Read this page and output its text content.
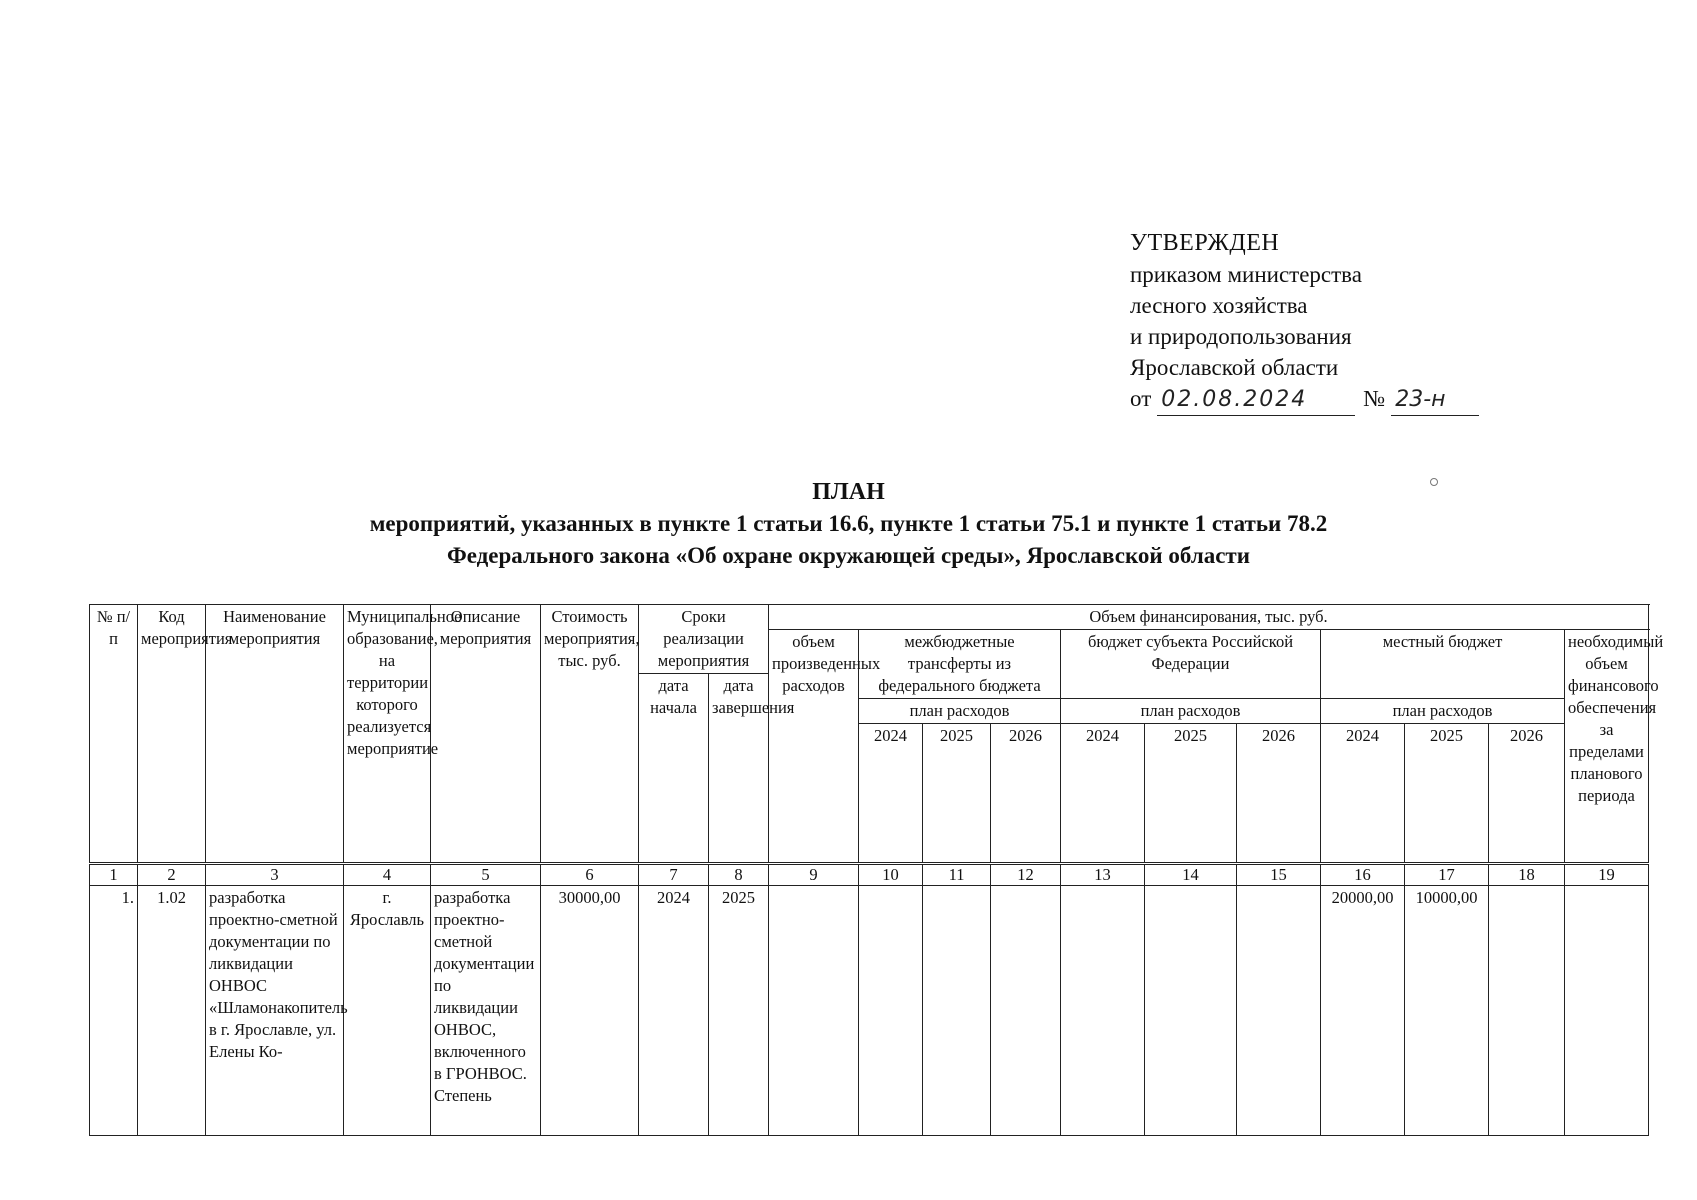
УТВЕРЖДЕН
приказом министерства
лесного хозяйства
и природопользования
Ярославской области
от 02.08.2024	№ 23-н
ПЛАН
мероприятий, указанных в пункте 1 статьи 16.6, пункте 1 статьи 75.1 и пункте 1 статьи 78.2
Федерального закона «Об охране окружающей среды», Ярославской области
№ п/п	Код мероприятия	Наименование мероприятия	Муниципальное образование, на территории которого реализуется мероприятие	Описание мероприятия	Стоимость мероприятия, тыс. руб.	Сроки реализации мероприятия		Объем финансирования, тыс. руб.										
								объем произведенных расходов	межбюджетные трансферты из федерального бюджета			бюджет субъекта Российской Федерации			местный бюджет			необходимый объем финансового обеспечения за пределами планового периода
						дата начала	дата завершения											
									план расходов			план расходов			план расходов			
									2024	2025	2026	2024	2025	2026	2024	2025	2026	
1	2	3	4	5	6	7	8	9	10	11	12	13	14	15	16	17	18	19
1.	1.02	разработка проектно-сметной документации по ликвидации ОНВОС «Шламонакопитель в г. Ярославле, ул. Елены Ко-	г. Ярославль	разработка проектно-сметной документации по ликвидации ОНВОС, включенного в ГРОНВОС. Степень	30000,00	2024	2025								20000,00	10000,00		
